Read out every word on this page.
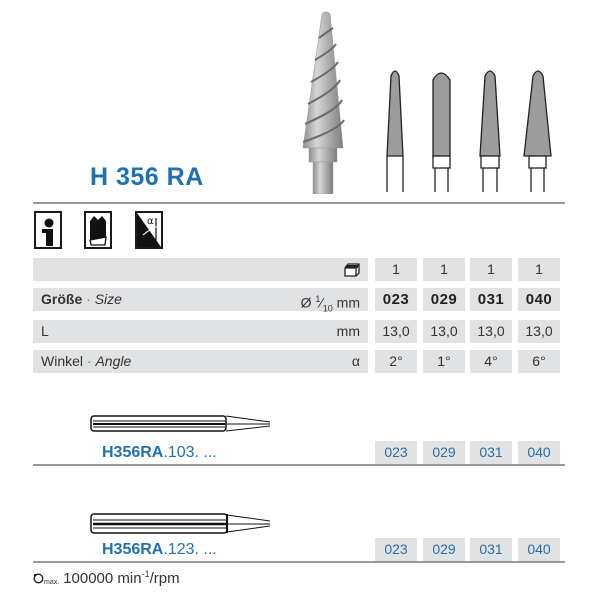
H 356 RA
α
1	1	1	1
Größe · Size	Ø $^1⁄_{10}$ mm	023	029	031	040
L	mm	13,0	13,0	13,0	13,0
Winkel · Angle	α	2°	1°	4°	6°
H356RA.103. ...	023	029	031	040
H356RA.123. ...	023	029	031	040
max. 100000 $\min^{-1}$/rpm
